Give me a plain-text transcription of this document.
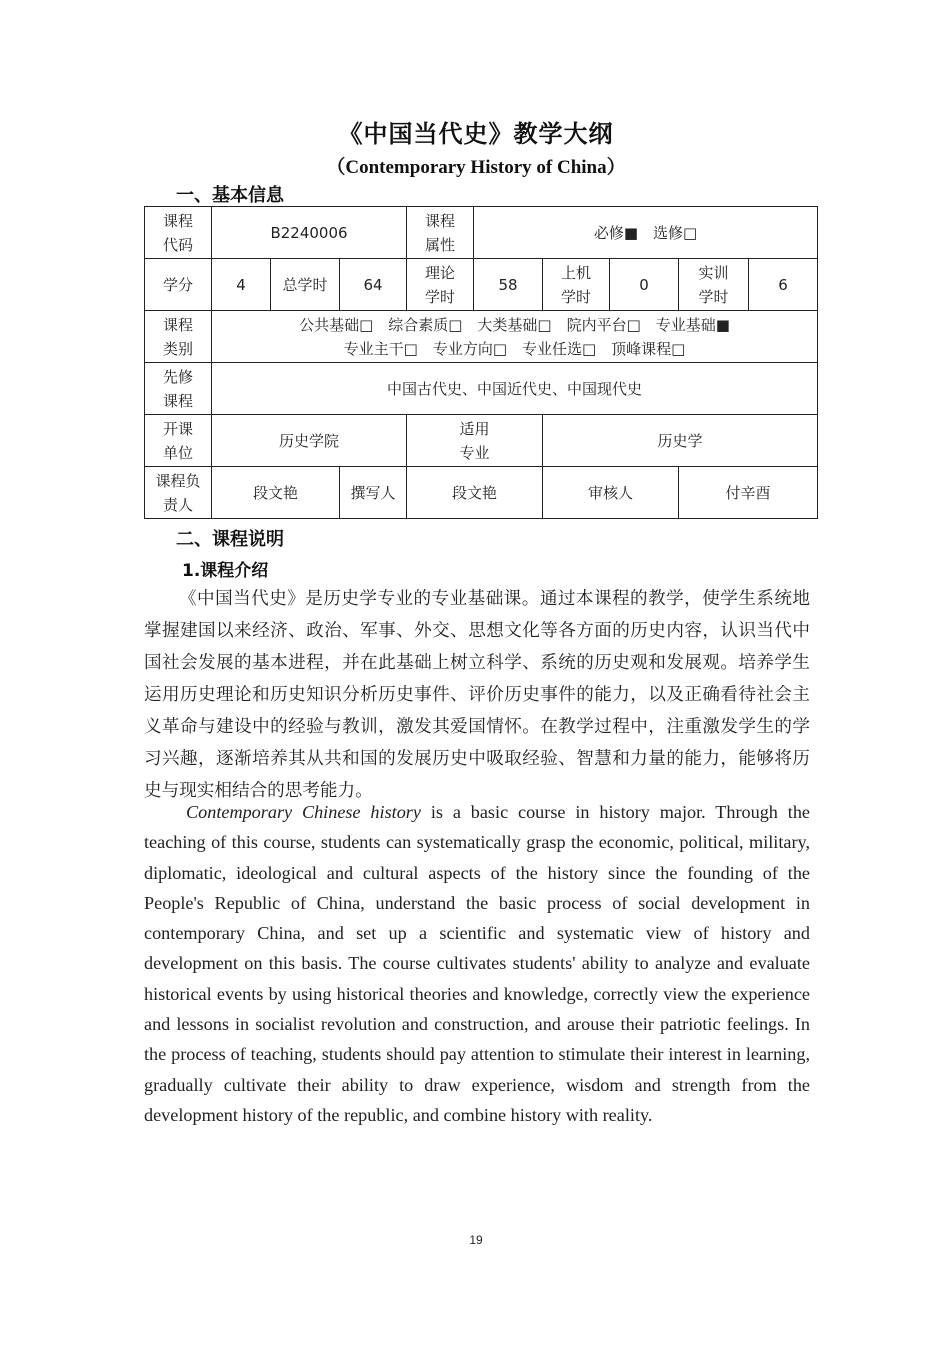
《中国当代史》教学大纲
（Contemporary History of China）
一、基本信息
课程代码	B2240006			课程属性	必修■　选修□				
学分	4	总学时	64	理论学时	58	上机学时	0	实训学时	6
课程类别	公共基础□　综合素质□　大类基础□　院内平台□　专业基础■
专业主干□　专业方向□　专业任选□　顶峰课程□								

先修课程	中国古代史、中国近代史、中国现代史								
开课单位	历史学院			适用专业		历史学			
课程负责人	段文艳		撰写人	段文艳		审核人		付辛酉	
二、课程说明
1.课程介绍

《中国当代史》是历史学专业的专业基础课。通过本课程的教学，使学生系统地掌握建国以来经济、政治、军事、外交、思想文化等各方面的历史内容，认识当代中国社会发展的基本进程，并在此基础上树立科学、系统的历史观和发展观。培养学生运用历史理论和历史知识分析历史事件、评价历史事件的能力，以及正确看待社会主义革命与建设中的经验与教训，激发其爱国情怀。在教学过程中，注重激发学生的学习兴趣，逐渐培养其从共和国的发展历史中吸取经验、智慧和力量的能力，能够将历史与现实相结合的思考能力。

Contemporary Chinese history is a basic course in history major. Through the teaching of this course, students can systematically grasp the economic, political, military, diplomatic, ideological and cultural aspects of the history since the founding of the People's Republic of China, understand the basic process of social development in contemporary China, and set up a scientific and systematic view of history and development on this basis. The course cultivates students' ability to analyze and evaluate historical events by using historical theories and knowledge, correctly view the experience and lessons in socialist revolution and construction, and arouse their patriotic feelings. In the process of teaching, students should pay attention to stimulate their interest in learning, gradually cultivate their ability to draw experience, wisdom and strength from the development history of the republic, and combine history with reality.

19
